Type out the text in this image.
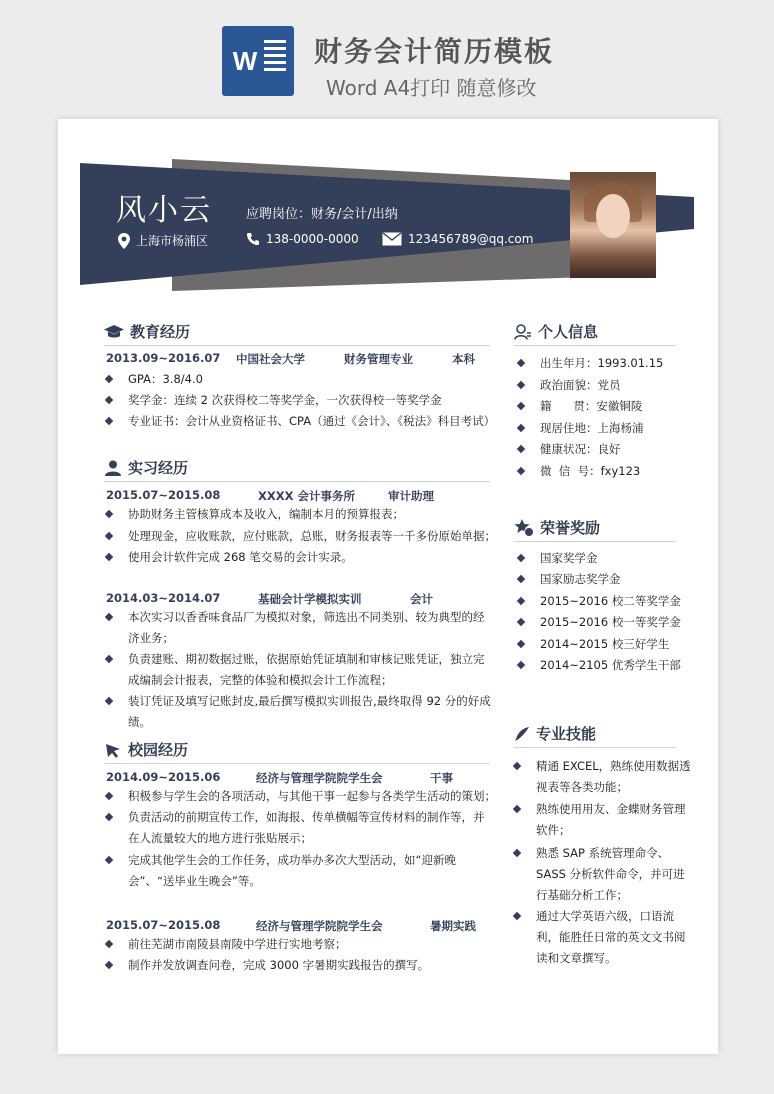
W 财务会计简历模板
Word A4打印 随意修改
风小云	应聘岗位：财务/会计/出纳
上海市杨浦区	138-0000-0000	123456789@qq.com
教育经历
2013.09~2016.07 中国社会大学	财务管理专业	本科
GPA：3.8/4.0
奖学金：连续 2 次获得校二等奖学金，一次获得校一等奖学金
专业证书：会计从业资格证书、CPA（通过《会计》、《税法》科目考试）
实习经历
2015.07~2015.08	XXXX 会计事务所	审计助理
协助财务主管核算成本及收入，编制本月的预算报表；
处理现金，应收账款，应付账款，总账，财务报表等一千多份原始单据；
使用会计软件完成 268 笔交易的会计实录。
2014.03~2014.07	基础会计学模拟实训	会计
本次实习以香香味食品厂为模拟对象，筛选出不同类别、较为典型的经济业务；
负责建账、期初数据过账，依据原始凭证填制和审核记账凭证，独立完成编制会计报表，完整的体验和模拟会计工作流程；
装订凭证及填写记账封皮,最后撰写模拟实训报告,最终取得 92 分的好成绩。
校园经历
2014.09~2015.06	经济与管理学院院学生会	干事
积极参与学生会的各项活动，与其他干事一起参与各类学生活动的策划；
负责活动的前期宣传工作，如海报、传单横幅等宣传材料的制作等，并在人流量较大的地方进行张贴展示；
完成其他学生会的工作任务，成功举办多次大型活动，如“迎新晚会”、“送毕业生晚会”等。
2015.07~2015.08	经济与管理学院院学生会	暑期实践
前往芜湖市南陵县南陵中学进行实地考察；
制作并发放调查问卷，完成 3000 字暑期实践报告的撰写。
个人信息
出生年月：1993.01.15
政治面貌：党员
籍      贯：安徽铜陵
现居住地：上海杨浦
健康状况：良好
微  信  号：fxy123
荣誉奖励
国家奖学金
国家励志奖学金
2015~2016 校二等奖学金
2015~2016 校一等奖学金
2014~2015 校三好学生
2014~2105 优秀学生干部
专业技能
精通 EXCEL，熟练使用数据透视表等各类功能；
熟练使用用友、金蝶财务管理软件；
熟悉 SAP 系统管理命令、SASS 分析软件命令，并可进行基础分析工作；
通过大学英语六级，口语流利，能胜任日常的英文文书阅读和文章撰写。
